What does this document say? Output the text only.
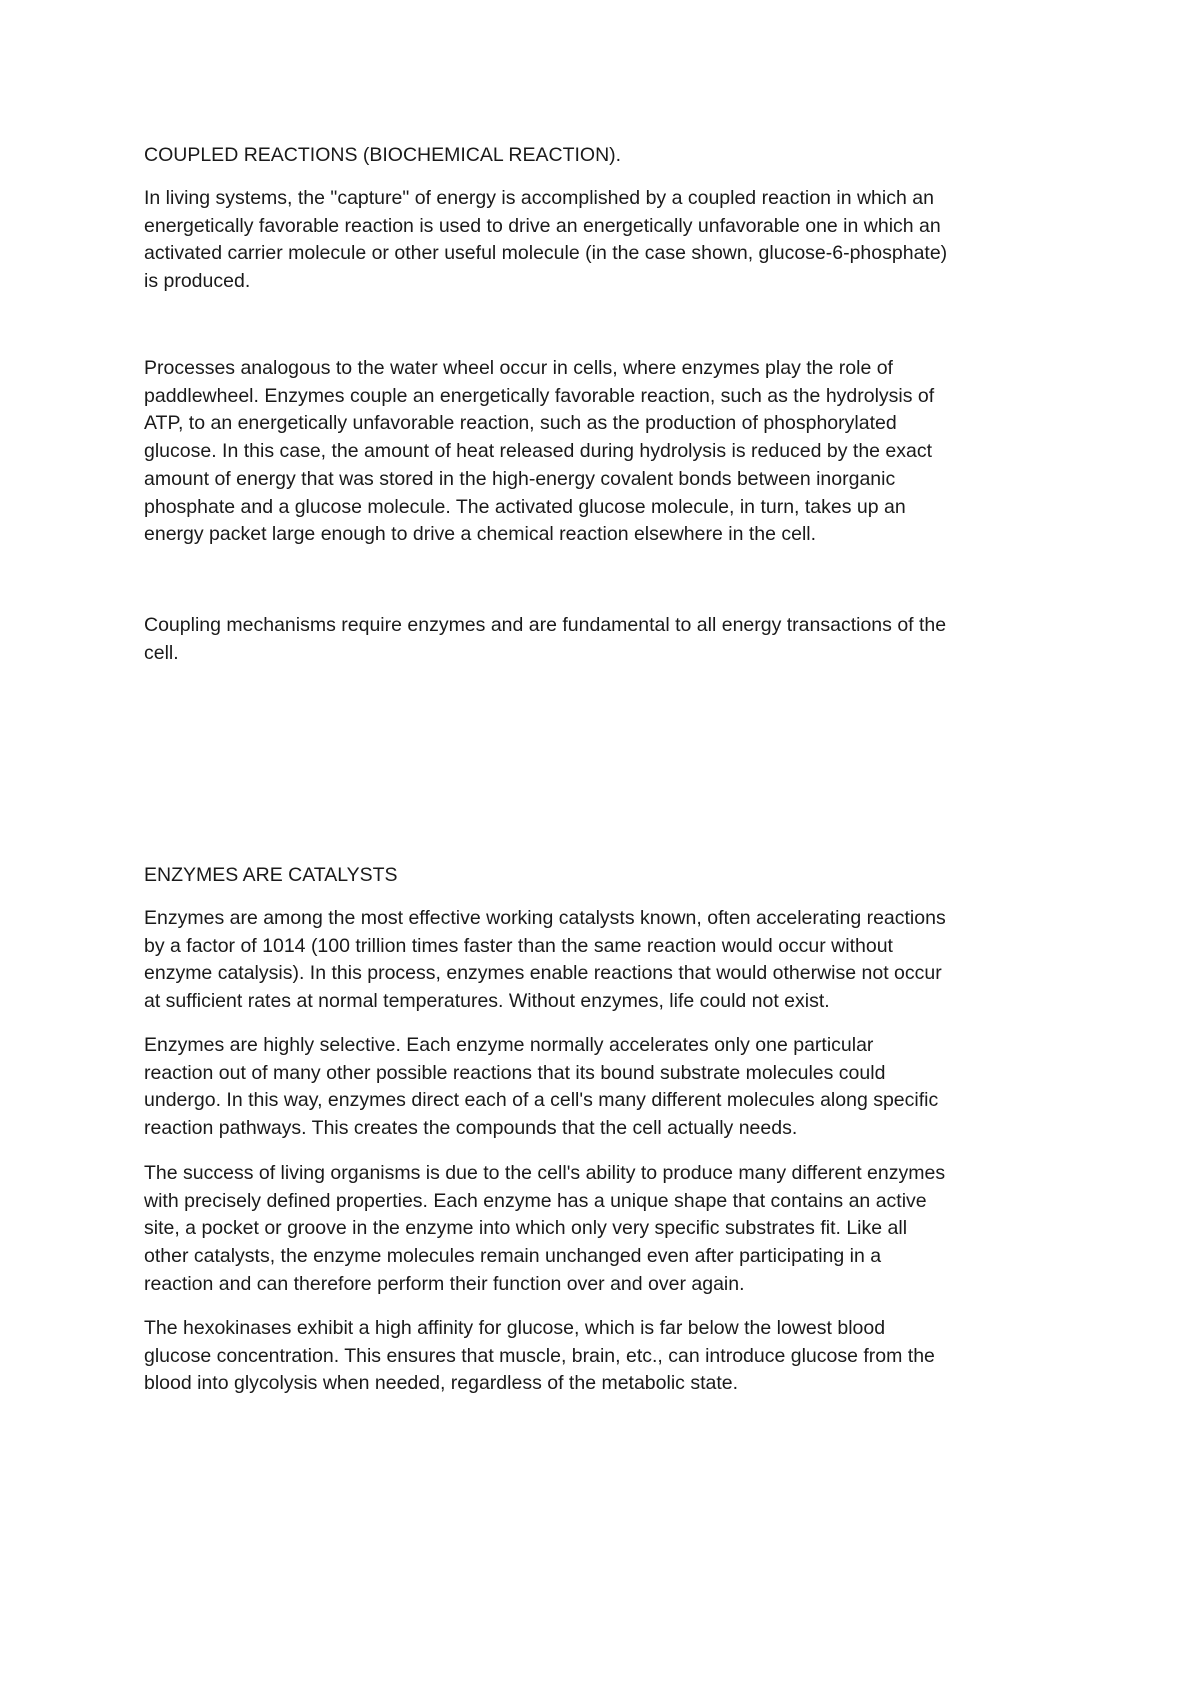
COUPLED REACTIONS (BIOCHEMICAL REACTION).

In living systems, the "capture" of energy is accomplished by a coupled reaction in which an
energetically favorable reaction is used to drive an energetically unfavorable one in which an
activated carrier molecule or other useful molecule (in the case shown, glucose-6-phosphate)
is produced.

Processes analogous to the water wheel occur in cells, where enzymes play the role of
paddlewheel. Enzymes couple an energetically favorable reaction, such as the hydrolysis of
ATP, to an energetically unfavorable reaction, such as the production of phosphorylated
glucose. In this case, the amount of heat released during hydrolysis is reduced by the exact
amount of energy that was stored in the high-energy covalent bonds between inorganic
phosphate and a glucose molecule. The activated glucose molecule, in turn, takes up an
energy packet large enough to drive a chemical reaction elsewhere in the cell.

Coupling mechanisms require enzymes and are fundamental to all energy transactions of the
cell.

ENZYMES ARE CATALYSTS

Enzymes are among the most effective working catalysts known, often accelerating reactions
by a factor of 1014 (100 trillion times faster than the same reaction would occur without
enzyme catalysis). In this process, enzymes enable reactions that would otherwise not occur
at sufficient rates at normal temperatures. Without enzymes, life could not exist.

Enzymes are highly selective. Each enzyme normally accelerates only one particular
reaction out of many other possible reactions that its bound substrate molecules could
undergo. In this way, enzymes direct each of a cell's many different molecules along specific
reaction pathways. This creates the compounds that the cell actually needs.

The success of living organisms is due to the cell's ability to produce many different enzymes
with precisely defined properties. Each enzyme has a unique shape that contains an active
site, a pocket or groove in the enzyme into which only very specific substrates fit. Like all
other catalysts, the enzyme molecules remain unchanged even after participating in a
reaction and can therefore perform their function over and over again.

The hexokinases exhibit a high affinity for glucose, which is far below the lowest blood
glucose concentration. This ensures that muscle, brain, etc., can introduce glucose from the
blood into glycolysis when needed, regardless of the metabolic state.
